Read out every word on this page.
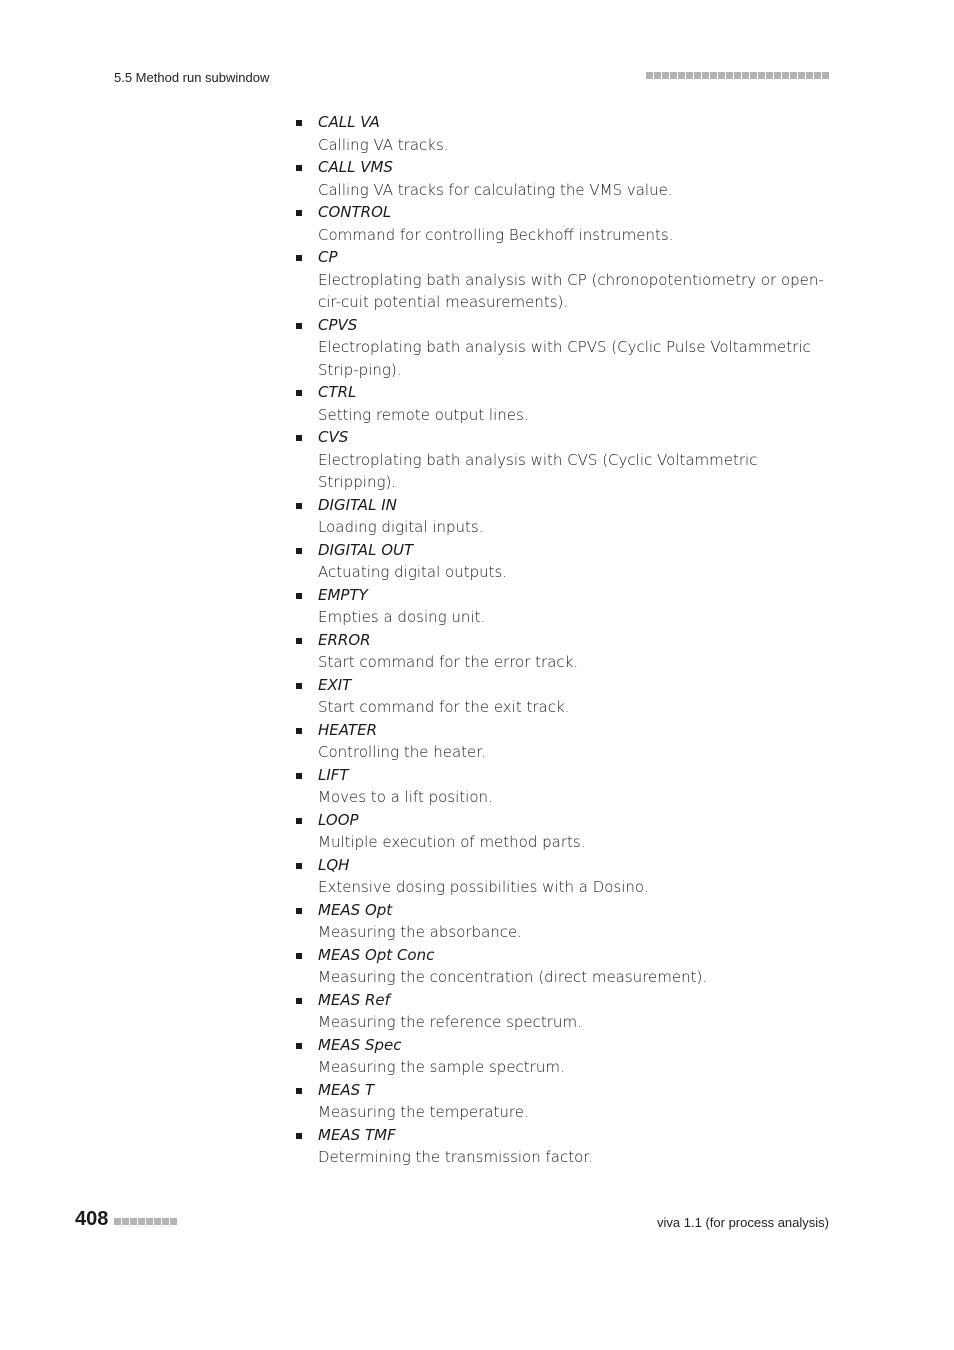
5.5 Method run subwindow
CALL VA
Calling VA tracks.
CALL VMS
Calling VA tracks for calculating the VMS value.
CONTROL
Command for controlling Beckhoff instruments.
CP
Electroplating bath analysis with CP (chronopotentiometry or open-cir-cuit potential measurements).
CPVS
Electroplating bath analysis with CPVS (Cyclic Pulse Voltammetric Strip-ping).
CTRL
Setting remote output lines.
CVS
Electroplating bath analysis with CVS (Cyclic Voltammetric Stripping).
DIGITAL IN
Loading digital inputs.
DIGITAL OUT
Actuating digital outputs.
EMPTY
Empties a dosing unit.
ERROR
Start command for the error track.
EXIT
Start command for the exit track.
HEATER
Controlling the heater.
LIFT
Moves to a lift position.
LOOP
Multiple execution of method parts.
LQH
Extensive dosing possibilities with a Dosino.
MEAS Opt
Measuring the absorbance.
MEAS Opt Conc
Measuring the concentration (direct measurement).
MEAS Ref
Measuring the reference spectrum.
MEAS Spec
Measuring the sample spectrum.
MEAS T
Measuring the temperature.
MEAS TMF
Determining the transmission factor.
408	viva 1.1 (for process analysis)
